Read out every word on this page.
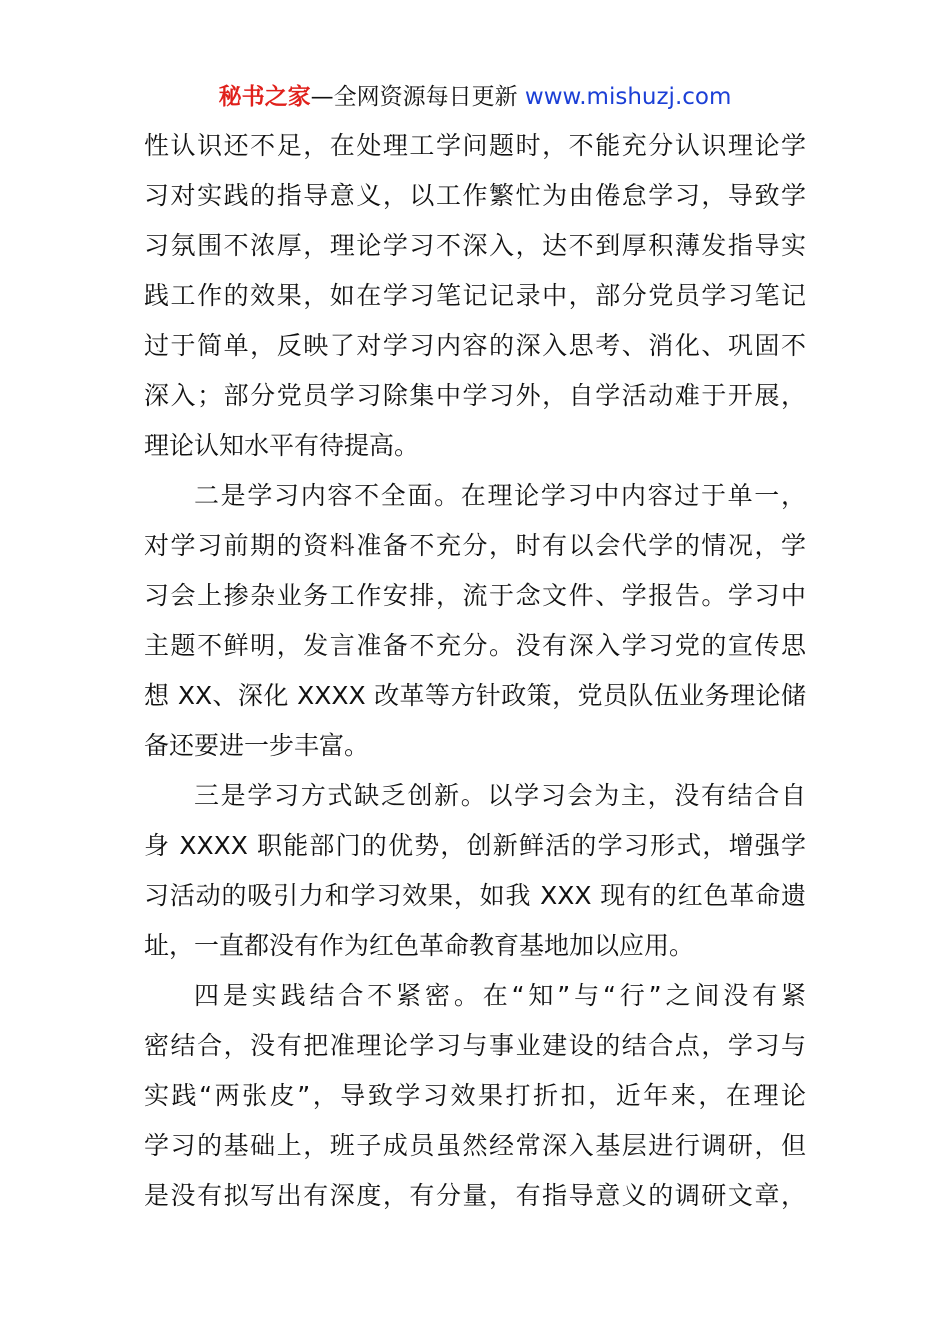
秘书之家—全网资源每日更新 www.mishuzj.com
性认识还不足，在处理工学问题时，不能充分认识理论学
习对实践的指导意义，以工作繁忙为由倦怠学习，导致学
习氛围不浓厚，理论学习不深入，达不到厚积薄发指导实
践工作的效果，如在学习笔记记录中，部分党员学习笔记
过于简单，反映了对学习内容的深入思考、消化、巩固不
深入；部分党员学习除集中学习外，自学活动难于开展，
理论认知水平有待提高。
二是学习内容不全面。在理论学习中内容过于单一，
对学习前期的资料准备不充分，时有以会代学的情况，学
习会上掺杂业务工作安排，流于念文件、学报告。学习中
主题不鲜明，发言准备不充分。没有深入学习党的宣传思
想 XX、深化 XXXX 改革等方针政策，党员队伍业务理论储
备还要进一步丰富。
三是学习方式缺乏创新。以学习会为主，没有结合自
身 XXXX 职能部门的优势，创新鲜活的学习形式，增强学
习活动的吸引力和学习效果，如我 XXX 现有的红色革命遗
址，一直都没有作为红色革命教育基地加以应用。
四是实践结合不紧密。在“知”与“行”之间没有紧
密结合，没有把准理论学习与事业建设的结合点，学习与
实践“两张皮”，导致学习效果打折扣，近年来，在理论
学习的基础上，班子成员虽然经常深入基层进行调研，但
是没有拟写出有深度，有分量，有指导意义的调研文章，
